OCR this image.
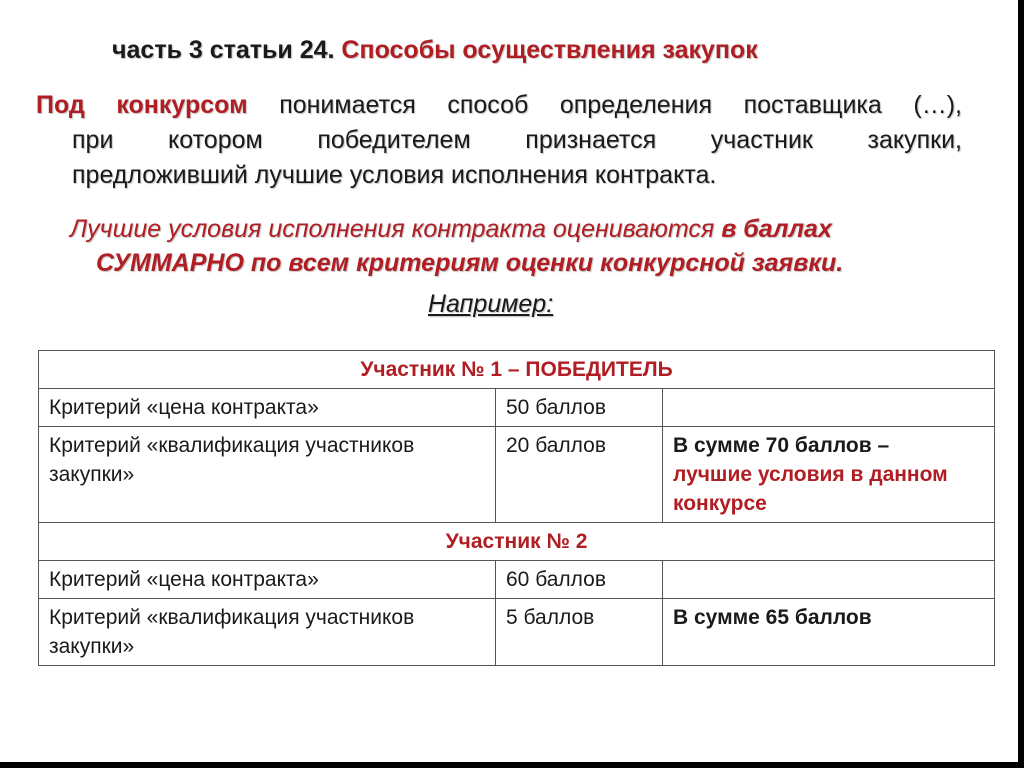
часть 3 статьи 24. Способы осуществления закупок
Под конкурсом понимается способ определения поставщика (…),
при котором победителем признается участник закупки,
предложивший лучшие условия исполнения контракта.
Лучшие условия исполнения контракта оцениваются в баллах
СУММАРНО по всем критериям оценки конкурсной заявки.
Например:
Участник № 1 – ПОБЕДИТЕЛЬ		
Критерий «цена контракта»	50 баллов	
Критерий «квалификация участников закупки»	20 баллов	В сумме 70 баллов –
лучшие условия в данном конкурсе

Участник № 2		
Критерий «цена контракта»	60 баллов	
Критерий «квалификация участников закупки»	5 баллов	В сумме 65 баллов
